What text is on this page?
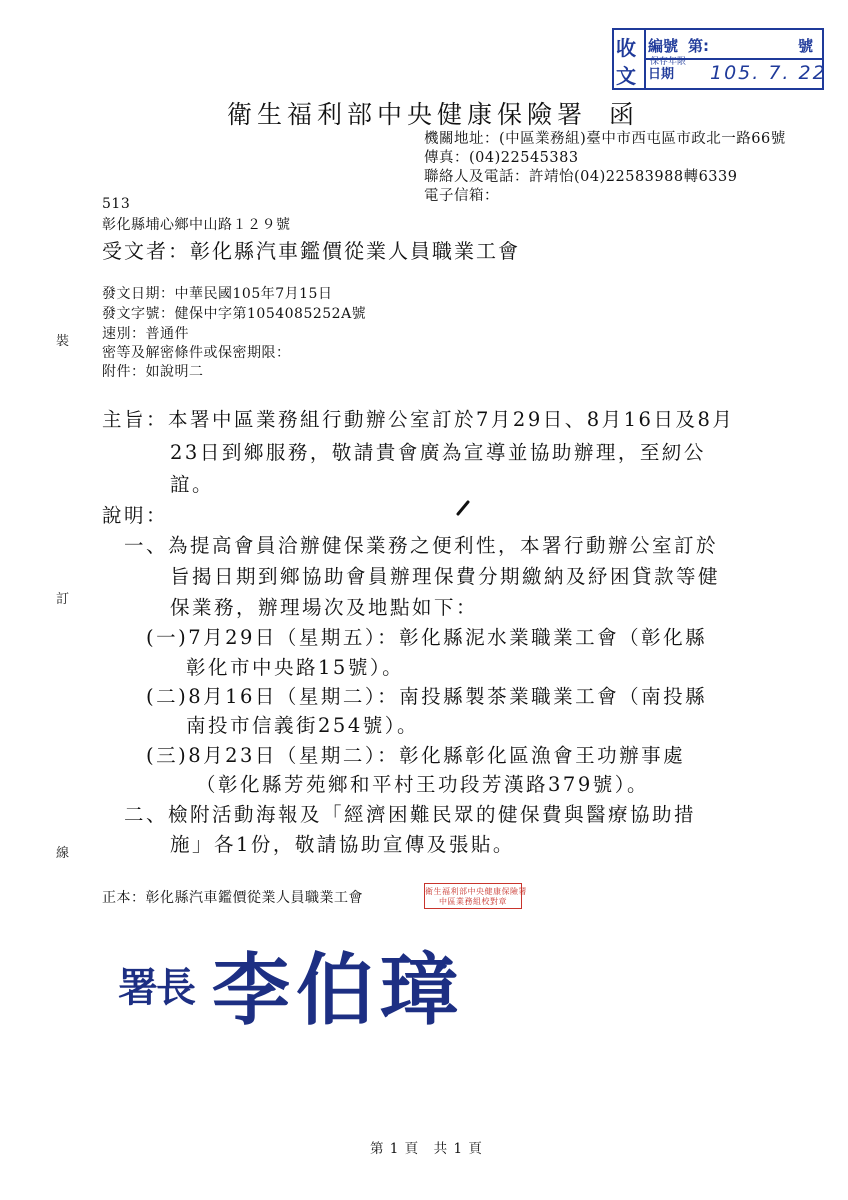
收
文
編號 第:	號
日期
保存年限 105. 7. 22
衛生福利部中央健康保險署 函
機關地址：(中區業務組)臺中市西屯區市政北一路66號
傳真：(04)22545383
聯絡人及電話：許靖怡(04)22583988轉6339
電子信箱：
513
彰化縣埔心鄉中山路１２９號
受文者：彰化縣汽車鑑價從業人員職業工會
發文日期：中華民國105年7月15日
發文字號：健保中字第1054085252A號
速別：普通件
密等及解密條件或保密期限：
附件：如說明二
裝
訂
線
主旨：本署中區業務組行動辦公室訂於7月29日、8月16日及8月
23日到鄉服務，敬請貴會廣為宣導並協助辦理，至紉公
誼。
說明：
一、為提高會員洽辦健保業務之便利性，本署行動辦公室訂於
旨揭日期到鄉協助會員辦理保費分期繳納及紓困貸款等健
保業務，辦理場次及地點如下：
(一)7月29日（星期五）：彰化縣泥水業職業工會（彰化縣
彰化市中央路15號）。
(二)8月16日（星期二）：南投縣製茶業職業工會（南投縣
南投市信義街254號）。
(三)8月23日（星期二）：彰化縣彰化區漁會王功辦事處
（彰化縣芳苑鄉和平村王功段芳漢路379號）。
二、檢附活動海報及「經濟困難民眾的健保費與醫療協助措
施」各1份，敬請協助宣傳及張貼。
正本：彰化縣汽車鑑價從業人員職業工會	衛生福利部中央健康保險署
中區業務組校對章
署長 李伯璋
第 1 頁　共 1 頁
